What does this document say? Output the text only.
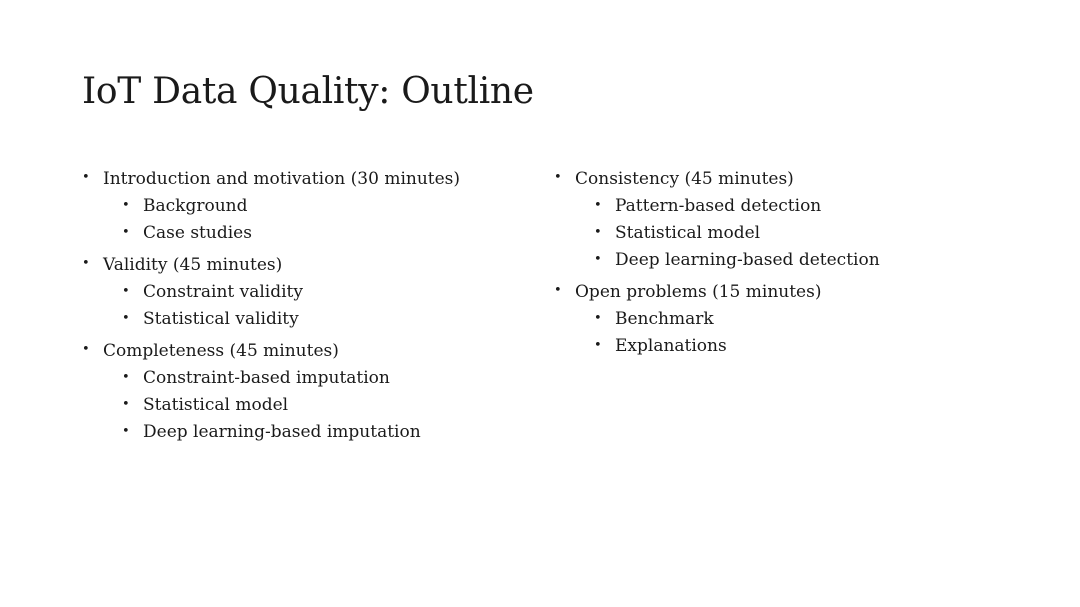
IoT Data Quality: Outline
• Introduction and motivation (30 minutes)
• Background
• Case studies
• Validity (45 minutes)
• Constraint validity
• Statistical validity
• Completeness (45 minutes)
• Constraint-based imputation
• Statistical model
• Deep learning-based imputation
• Consistency (45 minutes)
• Pattern-based detection
• Statistical model
• Deep learning-based detection
• Open problems (15 minutes)
• Benchmark
• Explanations
